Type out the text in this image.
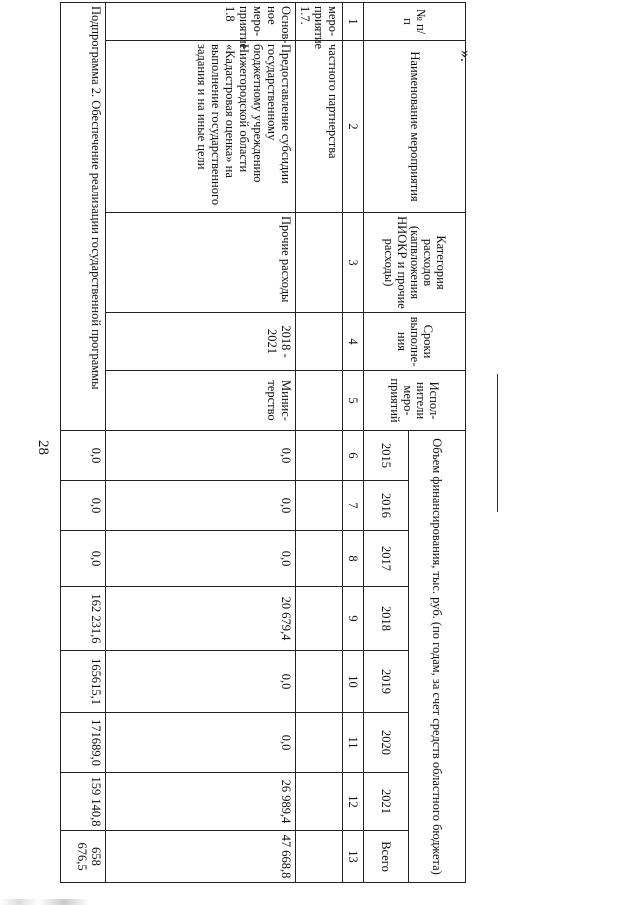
28
№ п/п	Наименование мероприятия	Категория расходов (капвложения НИОКР и прочие расходы)	Сроки выполне-ния	Испол-нители меро-приятий	Объем финансирования, тыс. руб. (по годам, за счет средств областного бюджета)							
					2015	2016	2017	2018	2019	2020	2021	Всего
1	2	3	4	5	6	7	8	9	10	11	12	13
меро-приятие 1.7.	частного партнерства											
Основ-ное меро-приятие 1.8	Предоставление субсидии государственному бюджетному учреждению Нижегородской области «Кадастровая оценка» на выполнение государственного задания и на иные цели	Прочие расходы	2018 - 2021	Минис-терство	0,0	0,0	0,0	20 679,4	0,0	0,0	26 989,4	47 668,8
Подпрограмма 2. Обеспечение реализации государственной программы					0,0	0,0	0,0	162 231,6	165615,1	171689,0	159 140,8	658 676,5
».
